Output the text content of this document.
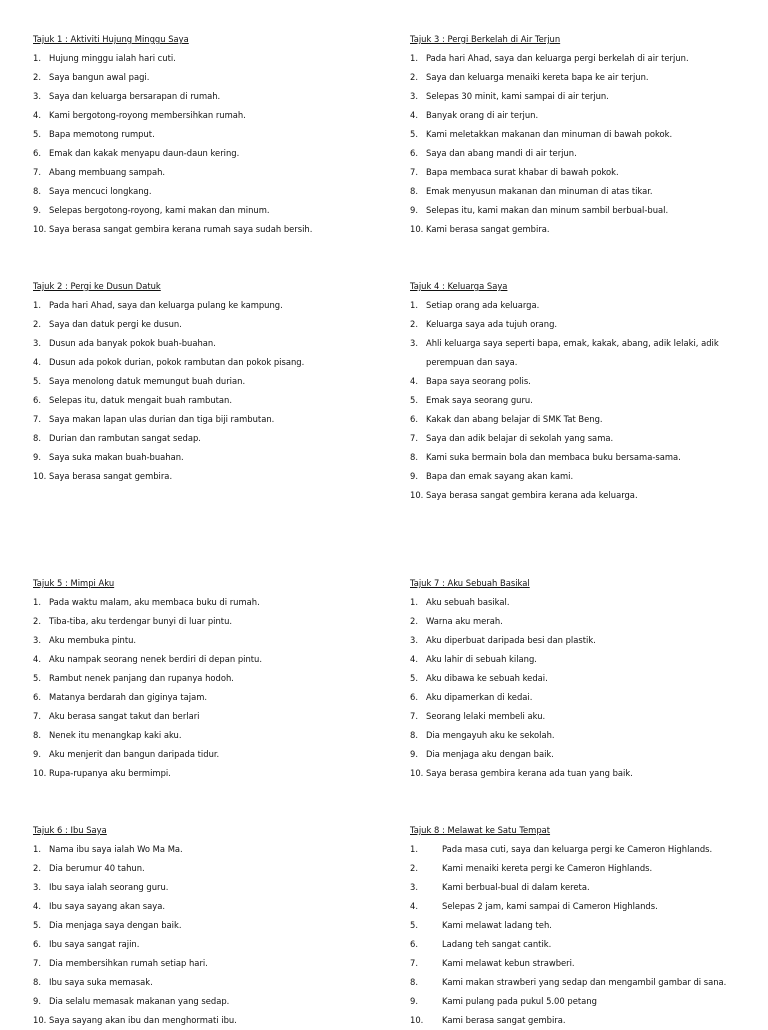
Tajuk 1 : Aktiviti Hujung Minggu Saya
1. Hujung minggu ialah hari cuti.
2. Saya bangun awal pagi.
3. Saya dan keluarga bersarapan di rumah.
4. Kami bergotong-royong membersihkan rumah.
5. Bapa memotong rumput.
6. Emak dan kakak menyapu daun-daun kering.
7. Abang membuang sampah.
8. Saya mencuci longkang.
9. Selepas bergotong-royong, kami makan dan minum.
10. Saya berasa sangat gembira kerana rumah saya sudah bersih.
Tajuk 3 : Pergi Berkelah di Air Terjun
1. Pada hari Ahad, saya dan keluarga pergi berkelah di air terjun.
2. Saya dan keluarga menaiki kereta bapa ke air terjun.
3. Selepas 30 minit, kami sampai di air terjun.
4. Banyak orang di air terjun.
5. Kami meletakkan makanan dan minuman di bawah pokok.
6. Saya dan abang mandi di air terjun.
7. Bapa membaca surat khabar di bawah pokok.
8. Emak menyusun makanan dan minuman di atas tikar.
9. Selepas itu, kami makan dan minum sambil berbual-bual.
10. Kami berasa sangat gembira.
Tajuk 2 : Pergi ke Dusun Datuk
1. Pada hari Ahad, saya dan keluarga pulang ke kampung.
2. Saya dan datuk pergi ke dusun.
3. Dusun ada banyak pokok buah-buahan.
4. Dusun ada pokok durian, pokok rambutan dan pokok pisang.
5. Saya menolong datuk memungut buah durian.
6. Selepas itu, datuk mengait buah rambutan.
7. Saya makan lapan ulas durian dan tiga biji rambutan.
8. Durian dan rambutan sangat sedap.
9. Saya suka makan buah-buahan.
10. Saya berasa sangat gembira.
Tajuk 4 : Keluarga Saya
1. Setiap orang ada keluarga.
2. Keluarga saya ada tujuh orang.
3. Ahli keluarga saya seperti bapa, emak, kakak, abang, adik lelaki, adik perempuan dan saya.
4. Bapa saya seorang polis.
5. Emak saya seorang guru.
6. Kakak dan abang belajar di SMK Tat Beng.
7. Saya dan adik belajar di sekolah yang sama.
8. Kami suka bermain bola dan membaca buku bersama-sama.
9. Bapa dan emak sayang akan kami.
10. Saya berasa sangat gembira kerana ada keluarga.
Tajuk 5 : Mimpi Aku
1. Pada waktu malam, aku membaca buku di rumah.
2. Tiba-tiba, aku terdengar bunyi di luar pintu.
3. Aku membuka pintu.
4. Aku nampak seorang nenek berdiri di depan pintu.
5. Rambut nenek panjang dan rupanya hodoh.
6. Matanya berdarah dan giginya tajam.
7. Aku berasa sangat takut dan berlari
8. Nenek itu menangkap kaki aku.
9. Aku menjerit dan bangun daripada tidur.
10. Rupa-rupanya aku bermimpi.
Tajuk 7 : Aku Sebuah Basikal
1. Aku sebuah basikal.
2. Warna aku merah.
3. Aku diperbuat daripada besi dan plastik.
4. Aku lahir di sebuah kilang.
5. Aku dibawa ke sebuah kedai.
6. Aku dipamerkan di kedai.
7. Seorang lelaki membeli aku.
8. Dia mengayuh aku ke sekolah.
9. Dia menjaga aku dengan baik.
10. Saya berasa gembira kerana ada tuan yang baik.
Tajuk 6 : Ibu Saya
1. Nama ibu saya ialah Wo Ma Ma.
2. Dia berumur 40 tahun.
3. Ibu saya ialah seorang guru.
4. Ibu saya sayang akan saya.
5. Dia menjaga saya dengan baik.
6. Ibu saya sangat rajin.
7. Dia membersihkan rumah setiap hari.
8. Ibu saya suka memasak.
9. Dia selalu memasak makanan yang sedap.
10. Saya sayang akan ibu dan menghormati ibu.
Tajuk 8 : Melawat ke Satu Tempat
1.	Pada masa cuti, saya dan keluarga pergi ke Cameron Highlands.
2.	Kami menaiki kereta pergi ke Cameron Highlands.
3.	Kami berbual-bual di dalam kereta.
4.	Selepas 2 jam, kami sampai di Cameron Highlands.
5.	Kami melawat ladang teh.
6.	Ladang teh sangat cantik.
7.	Kami melawat kebun strawberi.
8.	Kami makan strawberi yang sedap dan mengambil gambar di sana.
9.	Kami pulang pada pukul 5.00 petang
10.	Kami berasa sangat gembira.
